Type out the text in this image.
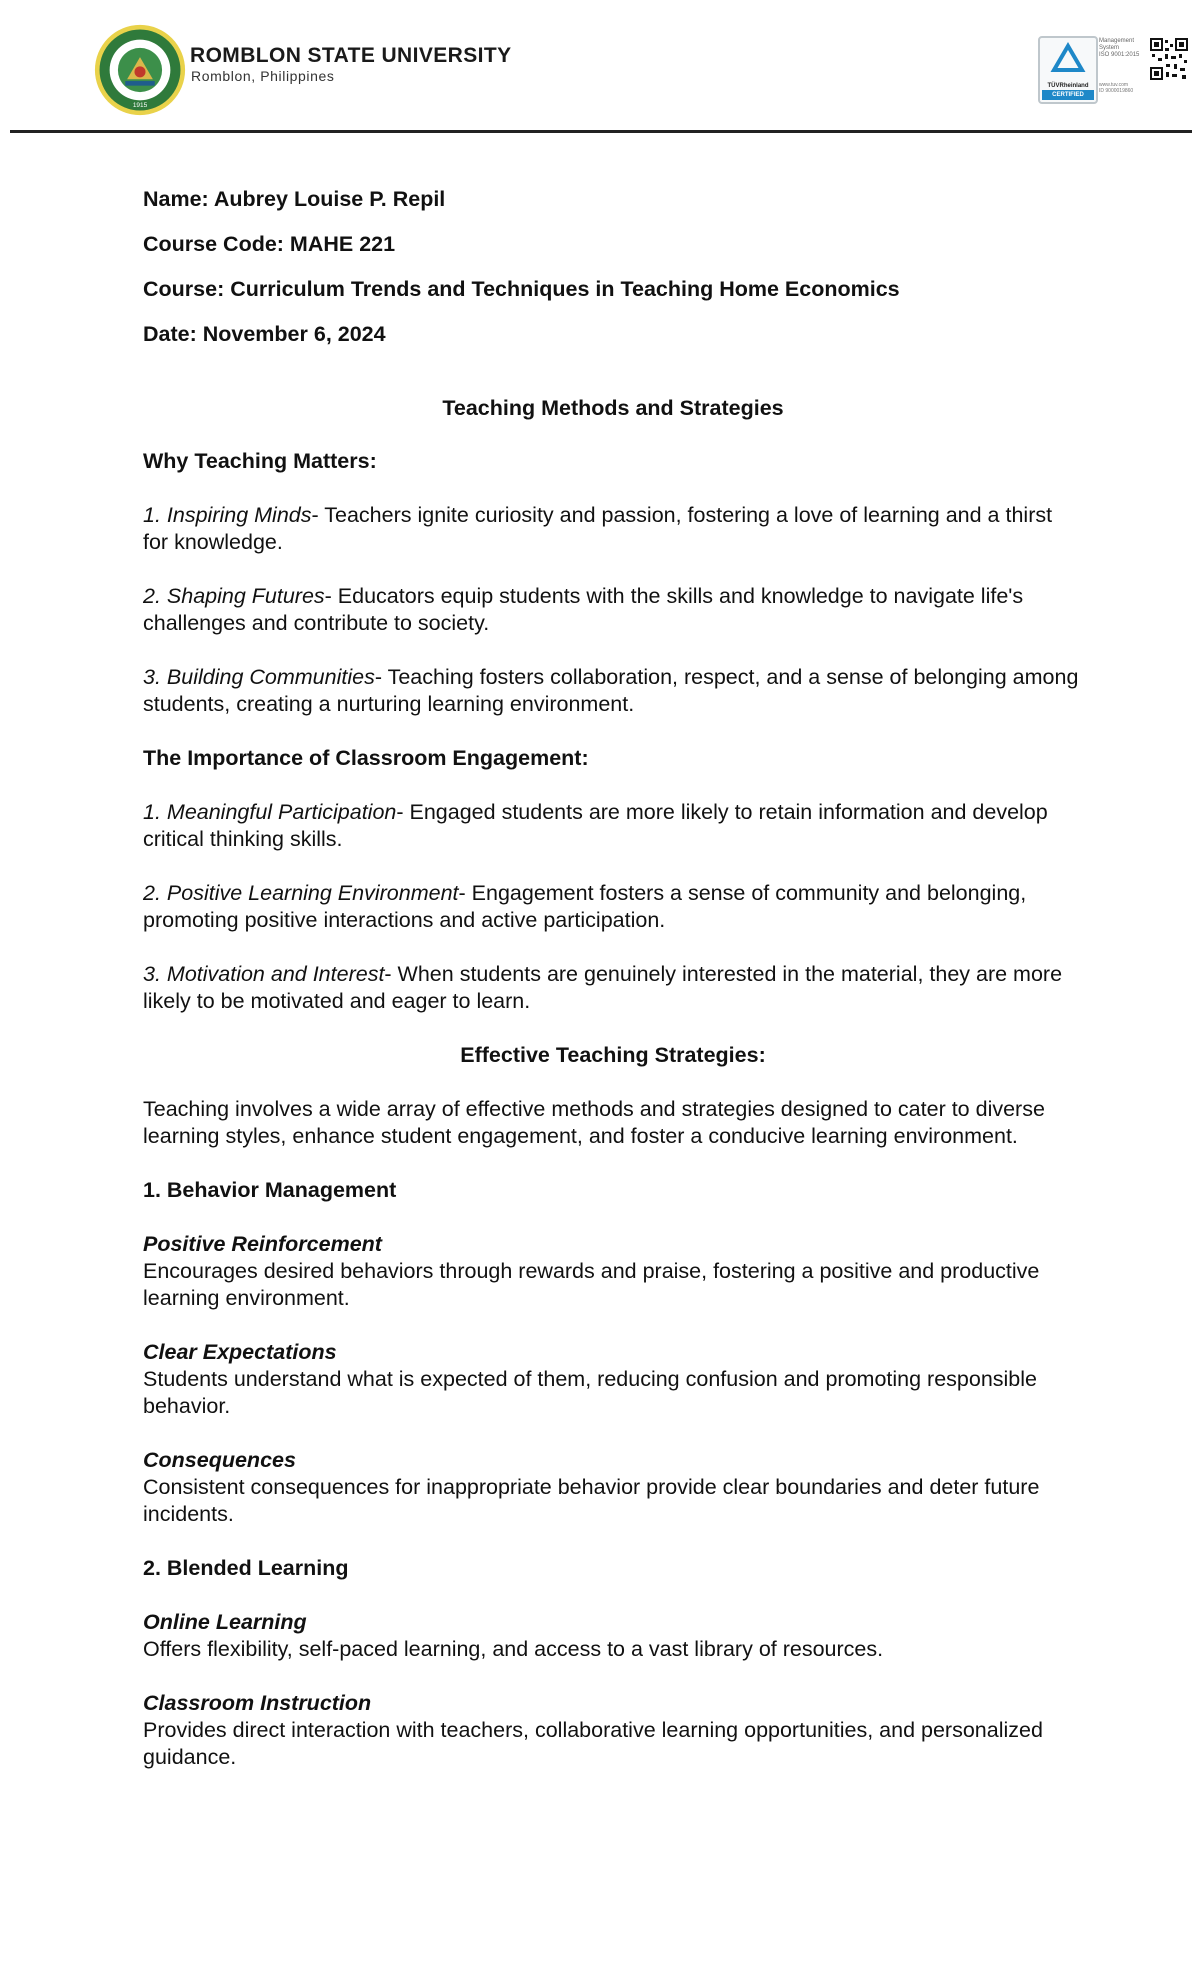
1915
ROMBLON STATE UNIVERSITY
Romblon, Philippines
TÜVRheinland
CERTIFIED
Management
System
ISO 9001:2015
www.tuv.com
ID 9000019860

Name: Aubrey Louise P. Repil

Course Code: MAHE 221

Course: Curriculum Trends and Techniques in Teaching Home Economics

Date: November 6, 2024

Teaching Methods and Strategies
Why Teaching Matters:
1. Inspiring Minds- Teachers ignite curiosity and passion, fostering a love of learning and a thirst for knowledge.
2. Shaping Futures- Educators equip students with the skills and knowledge to navigate life's challenges and contribute to society.
3. Building Communities- Teaching fosters collaboration, respect, and a sense of belonging among students, creating a nurturing learning environment.
The Importance of Classroom Engagement:
1. Meaningful Participation- Engaged students are more likely to retain information and develop critical thinking skills.
2. Positive Learning Environment- Engagement fosters a sense of community and belonging, promoting positive interactions and active participation.
3. Motivation and Interest- When students are genuinely interested in the material, they are more likely to be motivated and eager to learn.
Effective Teaching Strategies:
Teaching involves a wide array of effective methods and strategies designed to cater to diverse learning styles, enhance student engagement, and foster a conducive learning environment.
1. Behavior Management
Positive Reinforcement
Encourages desired behaviors through rewards and praise, fostering a positive and productive learning environment.
Clear Expectations
Students understand what is expected of them, reducing confusion and promoting responsible behavior.
Consequences
Consistent consequences for inappropriate behavior provide clear boundaries and deter future incidents.
2. Blended Learning
Online Learning
Offers flexibility, self-paced learning, and access to a vast library of resources.
Classroom Instruction
Provides direct interaction with teachers, collaborative learning opportunities, and personalized guidance.
